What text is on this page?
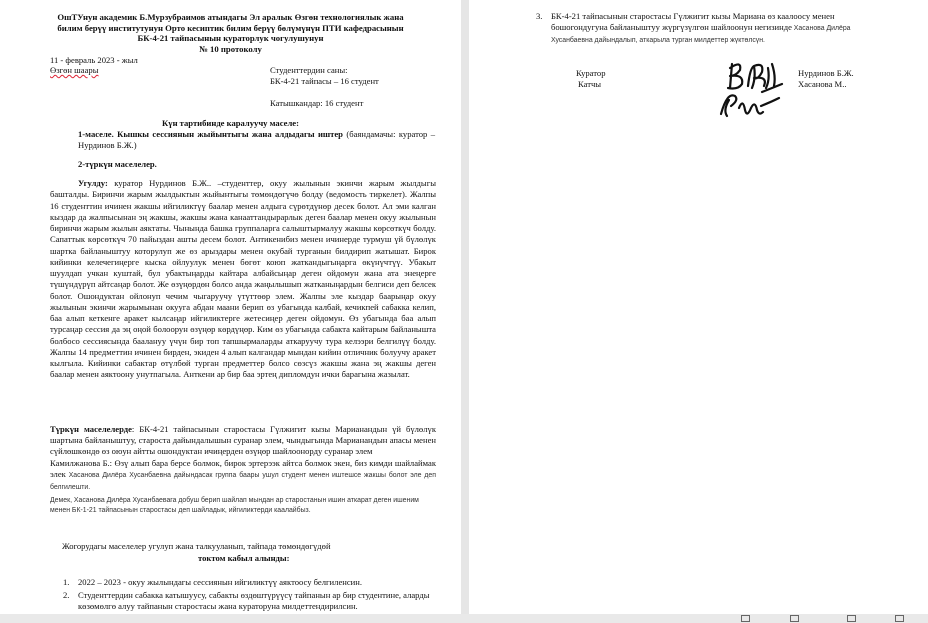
ОшТУнун академик Б.Мурзубраимов атындагы Эл аралык Өзгөн технологиялык жана
билим берүү институтунун Орто кесиптик билим берүү бөлүмүнүн ПТИ кафедрасынын
БК-4-21 тайпасынын кураторлук чогулушунун
№ 10 протоколу
11 - февраль 2023 - жыл
Өзгөн шаары	Студенттердин саны:
БК-4-21 тайпасы – 16 студент
Катышкандар: 16 студент
Күн тартибинде каралуучу маселе:

1-маселе. Кышкы сессиянын жыйынтыгы жана алдыдагы иштер (баяндамачы: куратор – Нурдинов Б.Ж.)

2-түркүн маселелер.

Угулду: куратор Нурдинов Б.Ж.. –студенттер, окуу жылынын экинчи жарым жылдыгы башталды. Биринчи жарым жылдыктын жыйынтыгы төмөндөгүчө болду (ведомость тиркелет). Жалпы 16 студенттин ичинен жакшы ийгиликтүү баалар менен алдыга сүрөтдүнөр десек болот. Ал эми калган кыздар да жалпысынан эң жакшы, жакшы жана канааттандырарлык деген баалар менен окуу жылынын биринчи жарым жылын аяктаты. Чынында башка группаларга салыштырмалуу жакшы көрсөткүч болду. Сапаттык көрсөткүч 70 пайыздан ашты десем болот. Антикенибиз менен ичинерде турмуш үй бүлөлүк шартка байланыштуу которулуп же өз арыздары менен окубай турганын билдирип жатышат. Бирок кийинки келечегиңерге кыска ойлуулук менен бөгөт коюп жаткандыгыңарга өкүнүчтүү. Убакыт шуулдап учкан куштай, бул убактыңарды кайтара албайсыңар деген ойдомун жана ата энеңерге түшүндүрүп айтсаңар болот. Же өзүңөрдөн болсо анда жаңылышып жатканыңардын белгиси деп белсек болот. Ошондуктан ойлонуп чечим чыгаруучу үтүттөөр элем. Жалпы эле кыздар баарыңар окуу жылынын экинчи жарымынан окууга абдан маани берип өз убагында калбай, кечикпей сабакка келип, баа алып кеткенге аракет кылсаңар ийгиликтерге жетесиңер деген ойдомун. Өз убагында баа алып турсаңар сессия да эң оңой болоорун өзүңөр көрдүңөр. Ким өз убагында сабакта кайтарым байланышта болбосо сессиясында баалануу үчүн бир топ тапшырмаларды аткаруучу тура келээри белгилүү болду. Жалпы 14 предметтин ичинен бирден, экиден 4 алып калгандар мындан кийин отличник болуучу аракет кылгыла. Кийинки сабактар өтүлбөй турган предметтер болсо сөзсүз жакшы жана эң жакшы деген баалар менен аяктоону унутпагыла. Анткени ар бир баа эртең дипломдун ички барагына жазылат.

Түркүн маселелерде: БК-4-21 тайпасынын старостасы Гүлжигит кызы Марианандын үй бүлөлүк шартына байланыштуу, староста дайындалышын суранар элем, чындыгында Марианандын апасы менен сүйлөшкөндө өз оюун айтты ошондуктан ичиңерден өзүңөр шайлоонорду суранар элем

Камилжанова Б.: Өзү алып бара берсе болмок, бирок эртерээк айтса болмок экен, биз кимди шайлаймак элек Хасанова Дилёра Хусанбаевна дайындасак группа баары ушул студент менен иштешсе жакшы болот эле деп белгилешти.

Демек, Хасанова Дилёра Хусанбаевага добуш берип шайлап мындан ар старостанын ишин аткарат деген ишеним менен БК-1-21 тайпасынын старостасы деп шайладык, ийгиликтерди каалайбыз.

Жогорудагы маселелер угулуп жана талкууланып, тайпада төмөндөгүдөй
токтом кабыл алынды:
1. 2022 – 2023 - окуу жылындагы сессиянын ийгиликтүү аяктоосу белгиленсин.
2. Студенттердин сабакка катышуусу, сабакты өздөштүрүүсү тайпанын ар бир студентине, аларды көзөмөлгө алуу тайпанын старостасы жана кураторуна милдеттендирилсин.

3. БК-4-21 тайпасынын старостасы Гүлжигит кызы Мариана өз каалоосу менен бошогондугуна байланыштуу жүргүзүлгөн шайлоонун негизинде Хасанова Дилёра Хусанбаевна дайындалып, аткарыла турган милдеттер жүктөлсүн.

Куратор
Катчы
Нурдинов Б.Ж.
Хасанова М..
